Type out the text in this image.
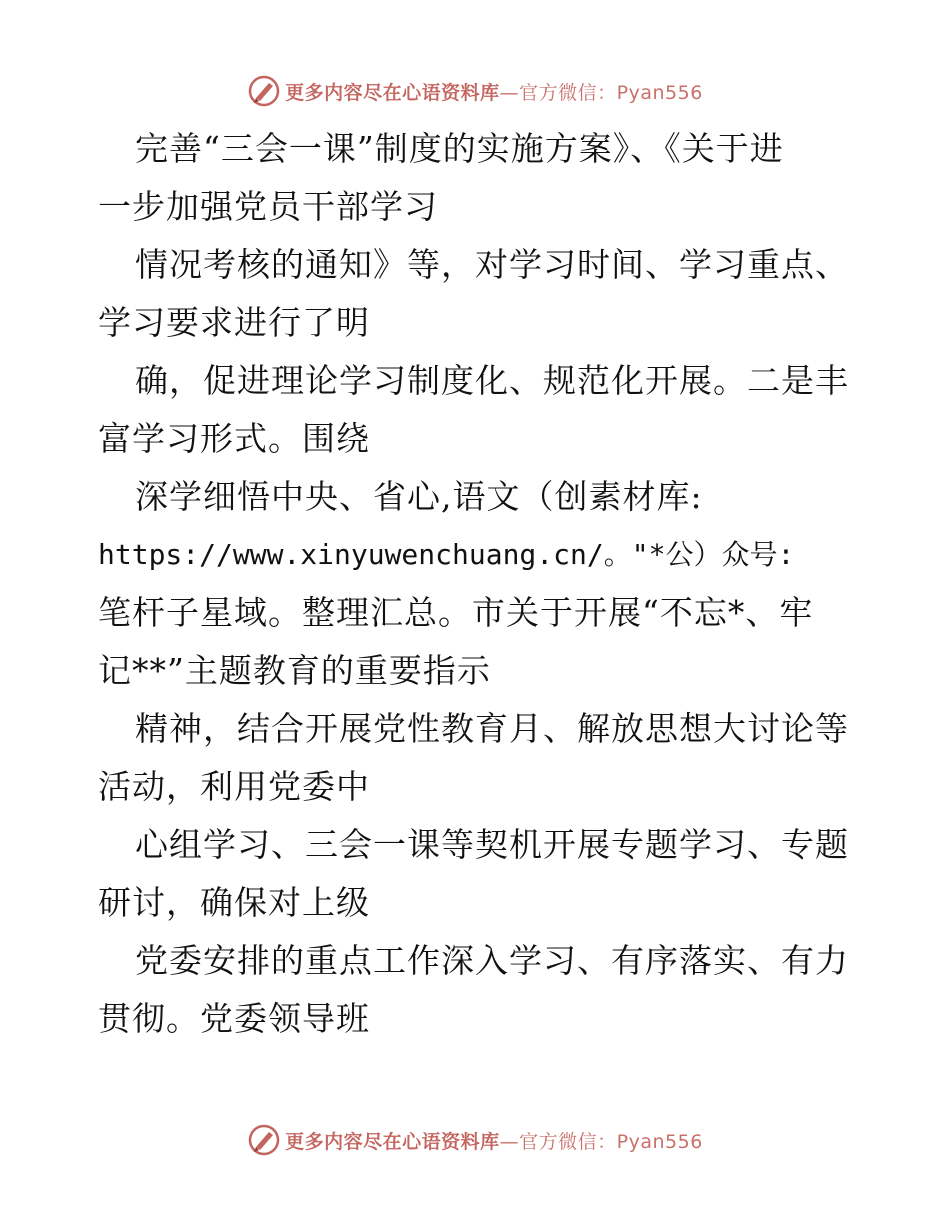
更多内容尽在心语资料库—官方微信：Pyan556
完善“三会一课”制度的实施方案》、《关于进
一步加强党员干部学习
情况考核的通知》等，对学习时间、学习重点、
学习要求进行了明
确，促进理论学习制度化、规范化开展。二是丰
富学习形式。围绕
深学细悟中央、省心,语文（创素材库:
https://www.xinyuwenchuang.cn/。"*公）众号:
笔杆子星域。整理汇总。市关于开展“不忘*、牢
记**”主题教育的重要指示
精神，结合开展党性教育月、解放思想大讨论等
活动，利用党委中
心组学习、三会一课等契机开展专题学习、专题
研讨，确保对上级
党委安排的重点工作深入学习、有序落实、有力
贯彻。党委领导班
更多内容尽在心语资料库—官方微信：Pyan556
